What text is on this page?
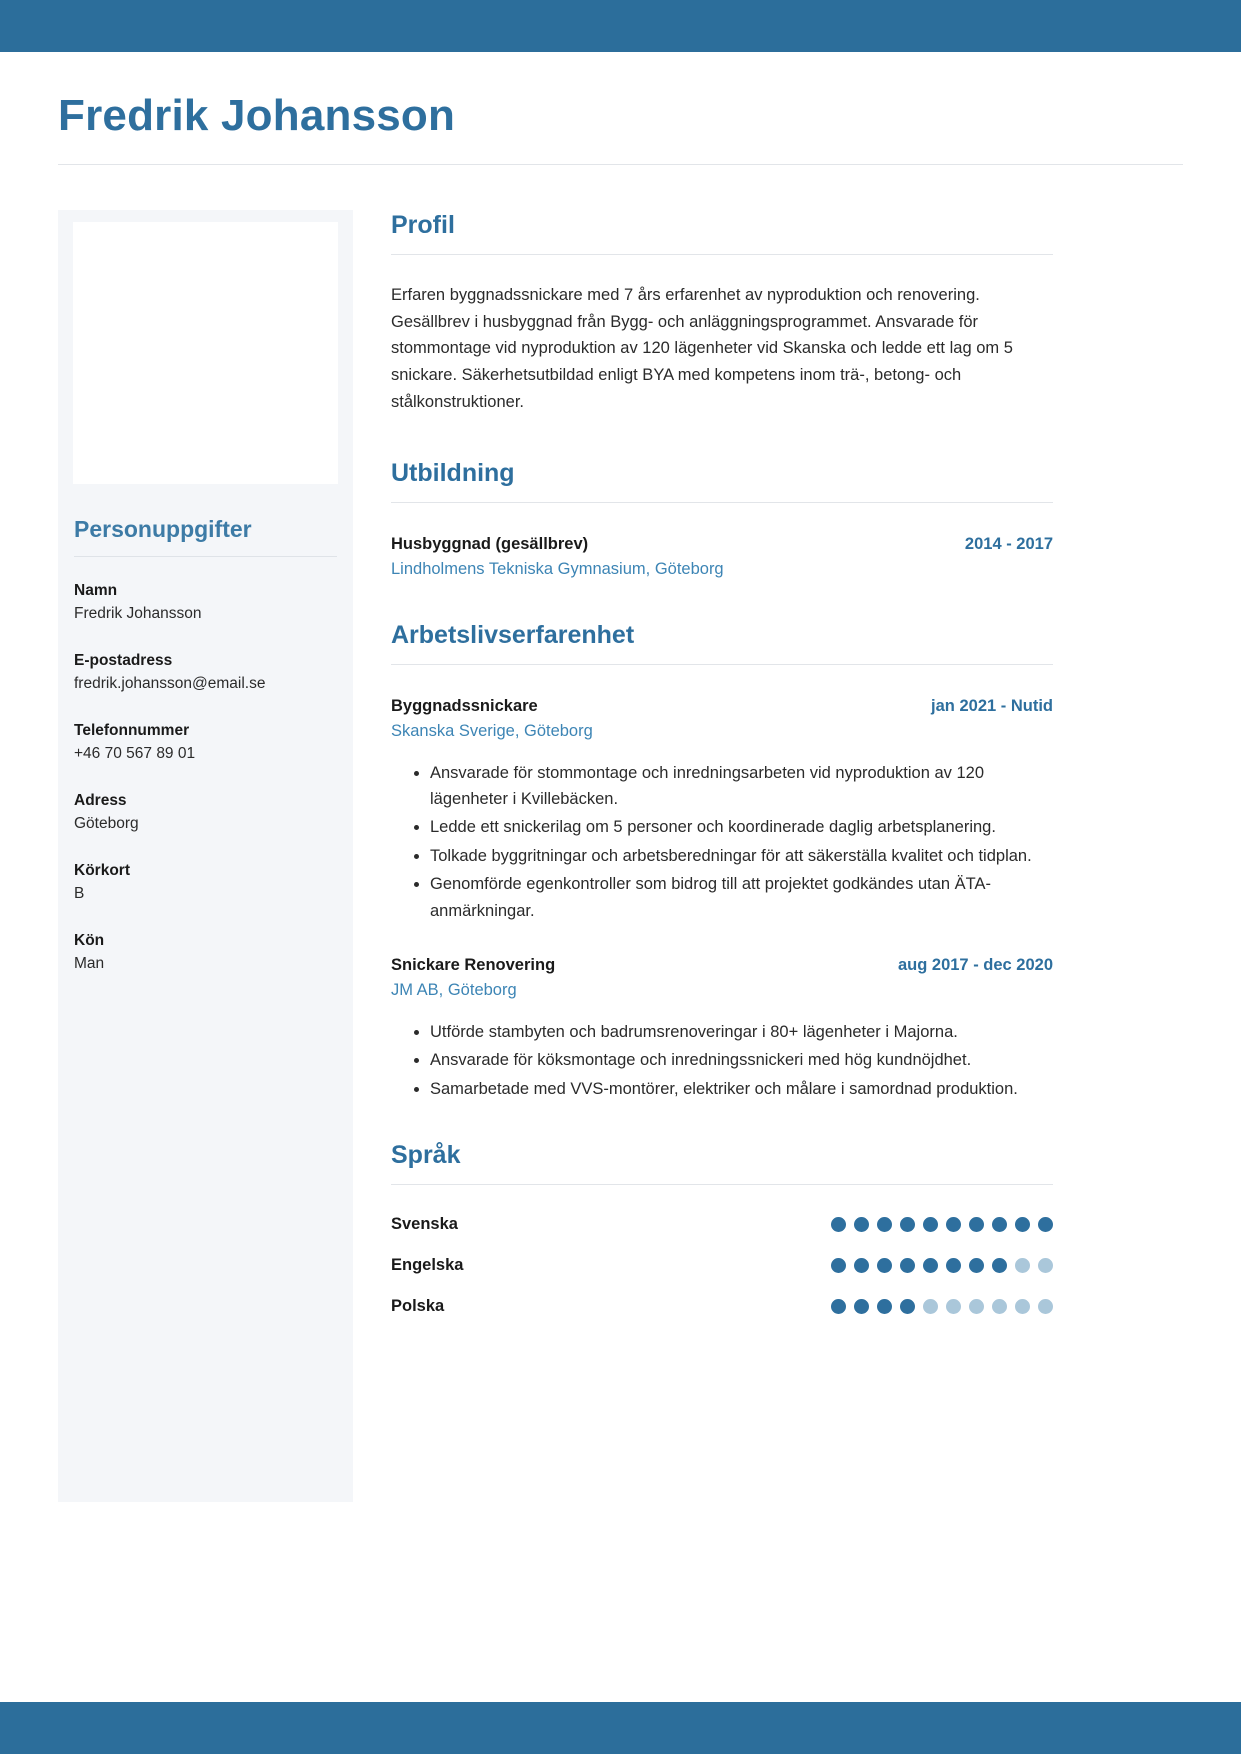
Fredrik Johansson
Personuppgifter
Namn
Fredrik Johansson
E-postadress
fredrik.johansson@email.se
Telefonnummer
+46 70 567 89 01
Adress
Göteborg
Körkort
B
Kön
Man
Profil

Erfaren byggnadssnickare med 7 års erfarenhet av nyproduktion och renovering. Gesällbrev i husbyggnad från Bygg- och anläggningsprogrammet. Ansvarade för stommontage vid nyproduktion av 120 lägenheter vid Skanska och ledde ett lag om 5 snickare. Säkerhetsutbildad enligt BYA med kompetens inom trä-, betong- och stålkonstruktioner.

Utbildning
Husbyggnad (gesällbrev)	2014 - 2017
Lindholmens Tekniska Gymnasium, Göteborg
Arbetslivserfarenhet
Byggnadssnickare	jan 2021 - Nutid
Skanska Sverige, Göteborg
• Ansvarade för stommontage och inredningsarbeten vid nyproduktion av 120 lägenheter i Kvillebäcken.
• Ledde ett snickerilag om 5 personer och koordinerade daglig arbetsplanering.
• Tolkade byggritningar och arbetsberedningar för att säkerställa kvalitet och tidplan.
• Genomförde egenkontroller som bidrog till att projektet godkändes utan ÄTA-anmärkningar.
Snickare Renovering	aug 2017 - dec 2020
JM AB, Göteborg
• Utförde stambyten och badrumsrenoveringar i 80+ lägenheter i Majorna.
• Ansvarade för köksmontage och inredningssnickeri med hög kundnöjdhet.
• Samarbetade med VVS-montörer, elektriker och målare i samordnad produktion.
Språk
Svenska
Engelska
Polska
